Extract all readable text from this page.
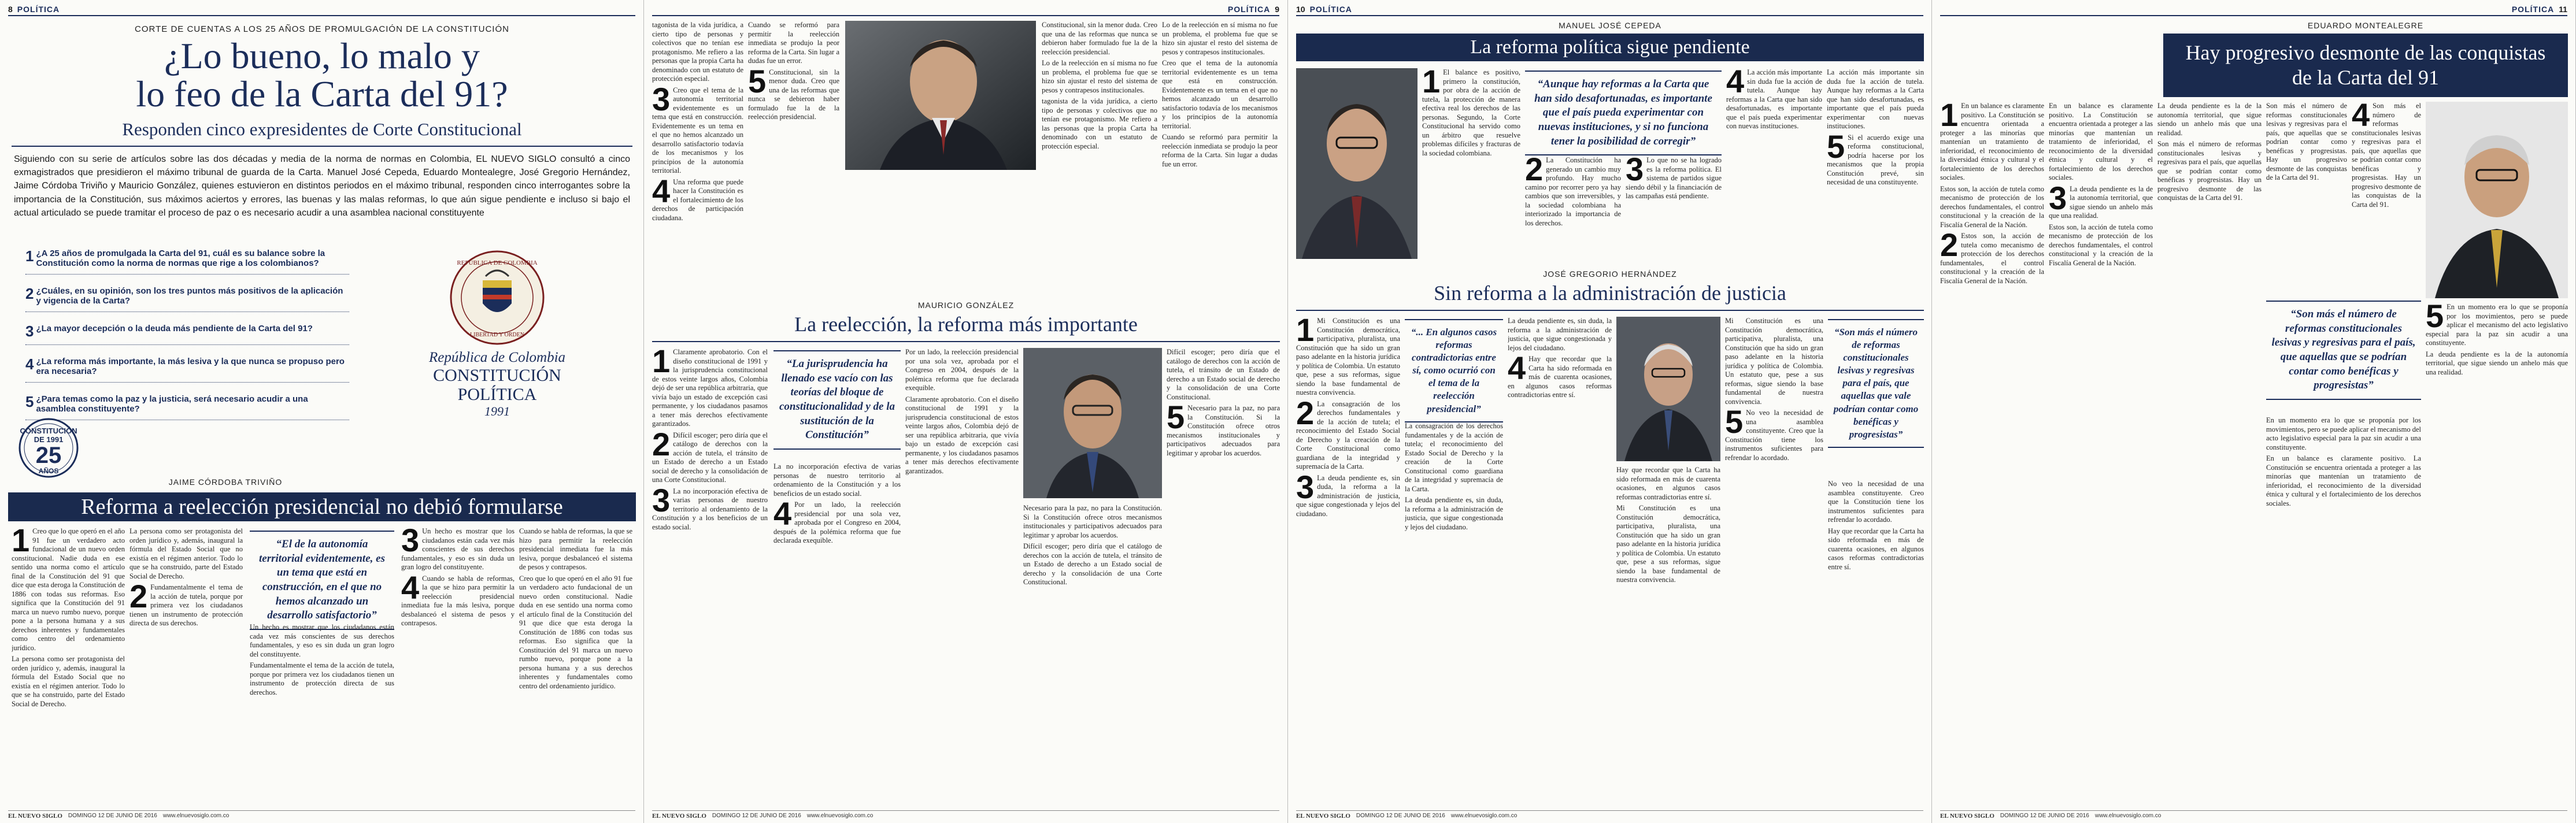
8 POLÍTICA
CORTE DE CUENTAS A LOS 25 AÑOS DE PROMULGACIÓN DE LA CONSTITUCIÓN
¿Lo bueno, lo malo y
lo feo de la Carta del 91?
Responden cinco expresidentes de Corte Constitucional

Siguiendo con su serie de artículos sobre las dos décadas y media de la norma de normas en Colombia, EL NUEVO SIGLO consultó a cinco exmagistrados que presidieron el máximo tribunal de guarda de la Carta. Manuel José Cepeda, Eduardo Montealegre, José Gregorio Hernández, Jaime Córdoba Triviño y Mauricio González, quienes estuvieron en distintos periodos en el máximo tribunal, responden cinco interrogantes sobre la importancia de la Constitución, sus máximos aciertos y errores, las buenas y las malas reformas, lo que aún sigue pendiente e incluso si bajo el actual articulado se puede tramitar el proceso de paz o es necesario acudir a una asamblea nacional constituyente

1 ¿A 25 años de promulgada la Carta del 91, cuál es su balance sobre la Constitución como la norma de normas que rige a los colombianos?
2 ¿Cuáles, en su opinión, son los tres puntos más positivos de la aplicación y vigencia de la Carta?
3 ¿La mayor decepción o la deuda más pendiente de la Carta del 91?
4 ¿La reforma más importante, la más lesiva y la que nunca se propuso pero era necesaria?
5 ¿Para temas como la paz y la justicia, será necesario acudir a una asamblea constituyente?
CONSTITUCIÓN DE 1991
25
AÑOS
REPÚBLICA DE COLOMBIA
LIBERTAD Y ORDEN
República de Colombia
CONSTITUCIÓN
POLÍTICA
1991
JAIME CÓRDOBA TRIVIÑO
Reforma a reelección presidencial no debió formularse
1 Creo que lo que operó en el año 91 fue un verdadero acto fundacional de un nuevo orden constitucional. Nadie duda en ese sentido una norma como el artículo final de la Constitución del 91 que dice que esta deroga la Constitución de 1886 con todas sus reformas. Eso significa que la Constitución del 91 marca un nuevo rumbo nuevo, porque pone a la persona humana y a sus derechos inherentes y fundamentales como centro del ordenamiento jurídico.

La persona como ser protagonista del orden jurídico y, además, inaugural la fórmula del Estado Social que no existía en el régimen anterior. Todo lo que se ha construido, parte del Estado Social de Derecho.

La persona como ser protagonista del orden jurídico y, además, inaugural la fórmula del Estado Social que no existía en el régimen anterior. Todo lo que se ha construido, parte del Estado Social de Derecho.

2 Fundamentalmente el tema de la acción de tutela, porque por primera vez los ciudadanos tienen un instrumento de protección directa de sus derechos.

“El de la autonomía territorial evidentemente, es un tema que está en construcción, en el que no hemos alcanzado un desarrollo satisfactorio”

Un hecho es mostrar que los ciudadanos están cada vez más conscientes de sus derechos fundamentales, y eso es sin duda un gran logro del constituyente.

Fundamentalmente el tema de la acción de tutela, porque por primera vez los ciudadanos tienen un instrumento de protección directa de sus derechos.

3 Un hecho es mostrar que los ciudadanos están cada vez más conscientes de sus derechos fundamentales, y eso es sin duda un gran logro del constituyente.

4 Cuando se habla de reformas, la que se hizo para permitir la reelección presidencial inmediata fue la más lesiva, porque desbalanceó el sistema de pesos y contrapesos.

Cuando se habla de reformas, la que se hizo para permitir la reelección presidencial inmediata fue la más lesiva, porque desbalanceó el sistema de pesos y contrapesos.

Creo que lo que operó en el año 91 fue un verdadero acto fundacional de un nuevo orden constitucional. Nadie duda en ese sentido una norma como el artículo final de la Constitución del 91 que dice que esta deroga la Constitución de 1886 con todas sus reformas. Eso significa que la Constitución del 91 marca un nuevo rumbo nuevo, porque pone a la persona humana y a sus derechos inherentes y fundamentales como centro del ordenamiento jurídico.

EL NUEVO SIGLO DOMINGO 12 DE JUNIO DE 2016 www.elnuevosiglo.com.co
POLÍTICA 9

tagonista de la vida jurídica, a cierto tipo de personas y colectivos que no tenían ese protagonismo. Me refiero a las personas que la propia Carta ha denominado con un estatuto de protección especial.

3 Creo que el tema de la autonomía territorial evidentemente es un tema que está en construcción. Evidentemente es un tema en el que no hemos alcanzado un desarrollo satisfactorio todavía de los mecanismos y los principios de la autonomía territorial.

4 Una reforma que puede hacer la Constitución es el fortalecimiento de los derechos de participación ciudadana.

Cuando se reformó para permitir la reelección inmediata se produjo la peor reforma de la Carta. Sin lugar a dudas fue un error.

5 Constitucional, sin la menor duda. Creo que una de las reformas que nunca se debieron haber formulado fue la de la reelección presidencial.

Constitucional, sin la menor duda. Creo que una de las reformas que nunca se debieron haber formulado fue la de la reelección presidencial.

Lo de la reelección en sí misma no fue un problema, el problema fue que se hizo sin ajustar el resto del sistema de pesos y contrapesos institucionales.

tagonista de la vida jurídica, a cierto tipo de personas y colectivos que no tenían ese protagonismo. Me refiero a las personas que la propia Carta ha denominado con un estatuto de protección especial.

Lo de la reelección en sí misma no fue un problema, el problema fue que se hizo sin ajustar el resto del sistema de pesos y contrapesos institucionales.

Creo que el tema de la autonomía territorial evidentemente es un tema que está en construcción. Evidentemente es un tema en el que no hemos alcanzado un desarrollo satisfactorio todavía de los mecanismos y los principios de la autonomía territorial.

Cuando se reformó para permitir la reelección inmediata se produjo la peor reforma de la Carta. Sin lugar a dudas fue un error.

MAURICIO GONZÁLEZ
La reelección, la reforma más importante
1 Claramente aprobatorio. Con el diseño constitucional de 1991 y la jurisprudencia constitucional de estos veinte largos años, Colombia dejó de ser una república arbitraria, que vivía bajo un estado de excepción casi permanente, y los ciudadanos pasamos a tener más derechos efectivamente garantizados.

2 Difícil escoger; pero diría que el catálogo de derechos con la acción de tutela, el tránsito de un Estado de derecho a un Estado social de derecho y la consolidación de una Corte Constitucional.

3 La no incorporación efectiva de varias personas de nuestro territorio al ordenamiento de la Constitución y a los beneficios de un estado social.

“La jurisprudencia ha llenado ese vacío con las teorías del bloque de constitucionalidad y de la sustitución de la Constitución”

La no incorporación efectiva de varias personas de nuestro territorio al ordenamiento de la Constitución y a los beneficios de un estado social.

4 Por un lado, la reelección presidencial por una sola vez, aprobada por el Congreso en 2004, después de la polémica reforma que fue declarada exequible.

Por un lado, la reelección presidencial por una sola vez, aprobada por el Congreso en 2004, después de la polémica reforma que fue declarada exequible.

Claramente aprobatorio. Con el diseño constitucional de 1991 y la jurisprudencia constitucional de estos veinte largos años, Colombia dejó de ser una república arbitraria, que vivía bajo un estado de excepción casi permanente, y los ciudadanos pasamos a tener más derechos efectivamente garantizados.

Necesario para la paz, no para la Constitución. Si la Constitución ofrece otros mecanismos institucionales y participativos adecuados para legitimar y aprobar los acuerdos.

Difícil escoger; pero diría que el catálogo de derechos con la acción de tutela, el tránsito de un Estado de derecho a un Estado social de derecho y la consolidación de una Corte Constitucional.

Difícil escoger; pero diría que el catálogo de derechos con la acción de tutela, el tránsito de un Estado de derecho a un Estado social de derecho y la consolidación de una Corte Constitucional.

5 Necesario para la paz, no para la Constitución. Si la Constitución ofrece otros mecanismos institucionales y participativos adecuados para legitimar y aprobar los acuerdos.

EL NUEVO SIGLO DOMINGO 12 DE JUNIO DE 2016 www.elnuevosiglo.com.co
10 POLÍTICA
MANUEL JOSÉ CEPEDA
La reforma política sigue pendiente
1 El balance es positivo, primero la constitución, por obra de la acción de tutela, la protección de manera efectiva real los derechos de las personas. Segundo, la Corte Constitucional ha servido como un árbitro que resuelve problemas difíciles y fracturas de la sociedad colombiana.

“Aunque hay reformas a la Carta que han sido desafortunadas, es importante que el país pueda experimentar con nuevas instituciones, y si no funciona tener la posibilidad de corregir”
2 La Constitución ha generado un cambio muy profundo. Hay mucho camino por recorrer pero ya hay cambios que son irreversibles, y la sociedad colombiana ha interiorizado la importancia de los derechos.

3 Lo que no se ha logrado es la reforma política. El sistema de partidos sigue siendo débil y la financiación de las campañas está pendiente.

4 La acción más importante sin duda fue la acción de tutela. Aunque hay reformas a la Carta que han sido desafortunadas, es importante que el país pueda experimentar con nuevas instituciones.

La acción más importante sin duda fue la acción de tutela. Aunque hay reformas a la Carta que han sido desafortunadas, es importante que el país pueda experimentar con nuevas instituciones.

5 Si el acuerdo exige una reforma constitucional, podría hacerse por los mecanismos que la propia Constitución prevé, sin necesidad de una constituyente.

JOSÉ GREGORIO HERNÁNDEZ
Sin reforma a la administración de justicia
1 Mi Constitución es una Constitución democrática, participativa, pluralista, una Constitución que ha sido un gran paso adelante en la historia jurídica y política de Colombia. Un estatuto que, pese a sus reformas, sigue siendo la base fundamental de nuestra convivencia.

2 La consagración de los derechos fundamentales y de la acción de tutela; el reconocimiento del Estado Social de Derecho y la creación de la Corte Constitucional como guardiana de la integridad y supremacía de la Carta.

3 La deuda pendiente es, sin duda, la reforma a la administración de justicia, que sigue congestionada y lejos del ciudadano.

“... En algunos casos reformas contradictorias entre sí, como ocurrió con el tema de la reelección presidencial”

La consagración de los derechos fundamentales y de la acción de tutela; el reconocimiento del Estado Social de Derecho y la creación de la Corte Constitucional como guardiana de la integridad y supremacía de la Carta.

La deuda pendiente es, sin duda, la reforma a la administración de justicia, que sigue congestionada y lejos del ciudadano.

La deuda pendiente es, sin duda, la reforma a la administración de justicia, que sigue congestionada y lejos del ciudadano.

4 Hay que recordar que la Carta ha sido reformada en más de cuarenta ocasiones, en algunos casos reformas contradictorias entre sí.

Hay que recordar que la Carta ha sido reformada en más de cuarenta ocasiones, en algunos casos reformas contradictorias entre sí.

Mi Constitución es una Constitución democrática, participativa, pluralista, una Constitución que ha sido un gran paso adelante en la historia jurídica y política de Colombia. Un estatuto que, pese a sus reformas, sigue siendo la base fundamental de nuestra convivencia.

Mi Constitución es una Constitución democrática, participativa, pluralista, una Constitución que ha sido un gran paso adelante en la historia jurídica y política de Colombia. Un estatuto que, pese a sus reformas, sigue siendo la base fundamental de nuestra convivencia.

5 No veo la necesidad de una asamblea constituyente. Creo que la Constitución tiene los instrumentos suficientes para refrendar lo acordado.

“Son más el número de reformas constitucionales lesivas y regresivas para el país, que aquellas que vale podrían contar como benéficas y progresistas”

No veo la necesidad de una asamblea constituyente. Creo que la Constitución tiene los instrumentos suficientes para refrendar lo acordado.

Hay que recordar que la Carta ha sido reformada en más de cuarenta ocasiones, en algunos casos reformas contradictorias entre sí.

EL NUEVO SIGLO DOMINGO 12 DE JUNIO DE 2016 www.elnuevosiglo.com.co
POLÍTICA 11
EDUARDO MONTEALEGRE
Hay progresivo desmonte de las conquistas de la Carta del 91
1 En un balance es claramente positivo. La Constitución se encuentra orientada a proteger a las minorías que mantenían un tratamiento de inferioridad, el reconocimiento de la diversidad étnica y cultural y el fortalecimiento de los derechos sociales.

Estos son, la acción de tutela como mecanismo de protección de los derechos fundamentales, el control constitucional y la creación de la Fiscalía General de la Nación.

2 Estos son, la acción de tutela como mecanismo de protección de los derechos fundamentales, el control constitucional y la creación de la Fiscalía General de la Nación.

En un balance es claramente positivo. La Constitución se encuentra orientada a proteger a las minorías que mantenían un tratamiento de inferioridad, el reconocimiento de la diversidad étnica y cultural y el fortalecimiento de los derechos sociales.

3 La deuda pendiente es la de la autonomía territorial, que sigue siendo un anhelo más que una realidad.

Estos son, la acción de tutela como mecanismo de protección de los derechos fundamentales, el control constitucional y la creación de la Fiscalía General de la Nación.

La deuda pendiente es la de la autonomía territorial, que sigue siendo un anhelo más que una realidad.

Son más el número de reformas constitucionales lesivas y regresivas para el país, que aquellas que se podrían contar como benéficas y progresistas. Hay un progresivo desmonte de las conquistas de la Carta del 91.

Son más el número de reformas constitucionales lesivas y regresivas para el país, que aquellas que se podrían contar como benéficas y progresistas. Hay un progresivo desmonte de las conquistas de la Carta del 91.

4 Son más el número de reformas constitucionales lesivas y regresivas para el país, que aquellas que se podrían contar como benéficas y progresistas. Hay un progresivo desmonte de las conquistas de la Carta del 91.

“Son más el número de reformas constitucionales lesivas y regresivas para el país, que aquellas que se podrían contar como benéficas y progresistas”

En un momento era lo que se proponía por los movimientos, pero se puede aplicar el mecanismo del acto legislativo especial para la paz sin acudir a una constituyente.

En un balance es claramente positivo. La Constitución se encuentra orientada a proteger a las minorías que mantenían un tratamiento de inferioridad, el reconocimiento de la diversidad étnica y cultural y el fortalecimiento de los derechos sociales.

5 En un momento era lo que se proponía por los movimientos, pero se puede aplicar el mecanismo del acto legislativo especial para la paz sin acudir a una constituyente.

La deuda pendiente es la de la autonomía territorial, que sigue siendo un anhelo más que una realidad.

EL NUEVO SIGLO DOMINGO 12 DE JUNIO DE 2016 www.elnuevosiglo.com.co
